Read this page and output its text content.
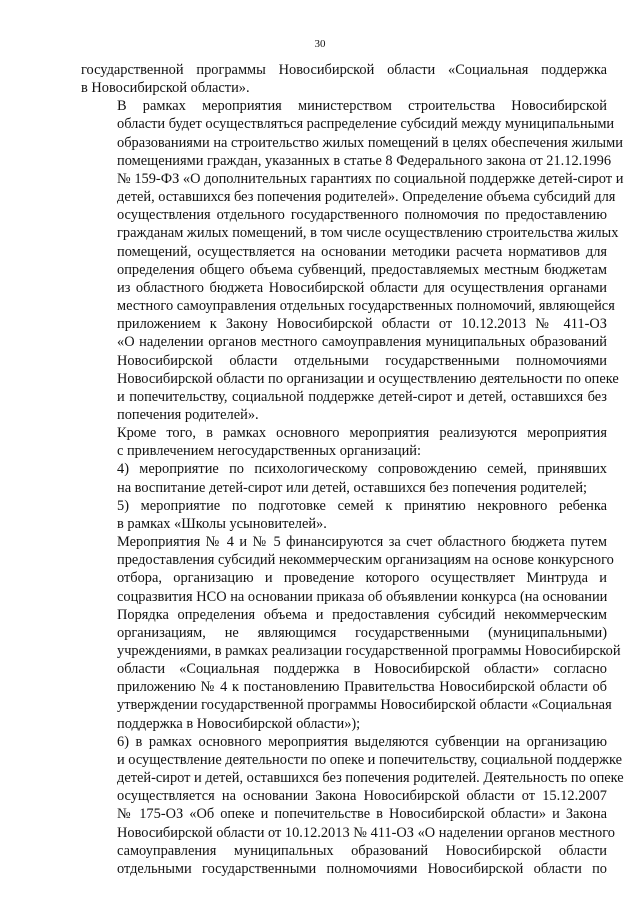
30

государственной программы Новосибирской области «Социальная поддержка
в Новосибирской области».

В рамках мероприятия министерством строительства Новосибирской
области будет осуществляться распределение субсидий между муниципальными
образованиями на строительство жилых помещений в целях обеспечения жилыми
помещениями граждан, указанных в статье 8 Федерального закона от 21.12.1996
№ 159-ФЗ «О дополнительных гарантиях по социальной поддержке детей-сирот и
детей, оставшихся без попечения родителей». Определение объема субсидий для
осуществления отдельного государственного полномочия по предоставлению
гражданам жилых помещений, в том числе осуществлению строительства жилых
помещений, осуществляется на основании методики расчета нормативов для
определения общего объема субвенций, предоставляемых местным бюджетам
из областного бюджета Новосибирской области для осуществления органами
местного самоуправления отдельных государственных полномочий, являющейся
приложением к Закону Новосибирской области от 10.12.2013 № 411-ОЗ
«О наделении органов местного самоуправления муниципальных образований
Новосибирской области отдельными государственными полномочиями
Новосибирской области по организации и осуществлению деятельности по опеке
и попечительству, социальной поддержке детей-сирот и детей, оставшихся без
попечения родителей».

Кроме того, в рамках основного мероприятия реализуются мероприятия
с привлечением негосударственных организаций:

4) мероприятие по психологическому сопровождению семей, принявших
на воспитание детей-сирот или детей, оставшихся без попечения родителей;

5) мероприятие по подготовке семей к принятию некровного ребенка
в рамках «Школы усыновителей».

Мероприятия № 4 и № 5 финансируются за счет областного бюджета путем
предоставления субсидий некоммерческим организациям на основе конкурсного
отбора, организацию и проведение которого осуществляет Минтруда и
соцразвития НСО на основании приказа об объявлении конкурса (на основании
Порядка определения объема и предоставления субсидий некоммерческим
организациям, не являющимся государственными (муниципальными)
учреждениями, в рамках реализации государственной программы Новосибирской
области «Социальная поддержка в Новосибирской области» согласно
приложению № 4 к постановлению Правительства Новосибирской области об
утверждении государственной программы Новосибирской области «Социальная
поддержка в Новосибирской области»);

6) в рамках основного мероприятия выделяются субвенции на организацию
и осуществление деятельности по опеке и попечительству, социальной поддержке
детей-сирот и детей, оставшихся без попечения родителей. Деятельность по опеке
осуществляется на основании Закона Новосибирской области от 15.12.2007
№ 175-ОЗ «Об опеке и попечительстве в Новосибирской области» и Закона
Новосибирской области от 10.12.2013 № 411-ОЗ «О наделении органов местного
самоуправления муниципальных образований Новосибирской области
отдельными государственными полномочиями Новосибирской области по
